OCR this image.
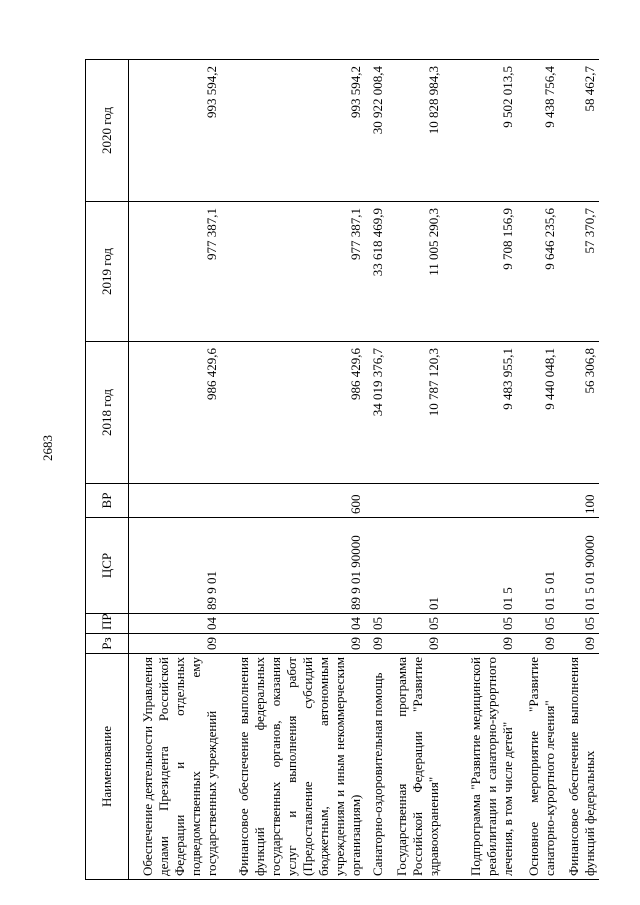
2683
Наименование	Рз	ПР	ЦСР	ВР	2018 год	2019 год	2020 год
Обеспечение деятельности Управления делами Президента Российской Федерации и отдельных подведомственных ему государственных учреждений	09	04	89 9 01		986 429,6	977 387,1	993 594,2
Финансовое обеспечение выполнения функций федеральных государственных органов, оказания услуг и выполнения работ (Предоставление субсидий бюджетным, автономным учреждениям и иным некоммерческим организациям)	09	04	89 9 01 90000	600	986 429,6	977 387,1	993 594,2
Санаторно-оздоровительная помощь	09	05			34 019 376,7	33 618 469,9	30 922 008,4
Государственная программа Российской Федерации "Развитие здравоохранения"	09	05	01		10 787 120,3	11 005 290,3	10 828 984,3
Подпрограмма "Развитие медицинской реабилитации и санаторно-курортного лечения, в том числе детей"	09	05	01 5		9 483 955,1	9 708 156,9	9 502 013,5
Основное мероприятие "Развитие санаторно-курортного лечения"	09	05	01 5 01		9 440 048,1	9 646 235,6	9 438 756,4
Финансовое обеспечение выполнения функций федеральных	09	05	01 5 01 90000	100	56 306,8	57 370,7	58 462,7
